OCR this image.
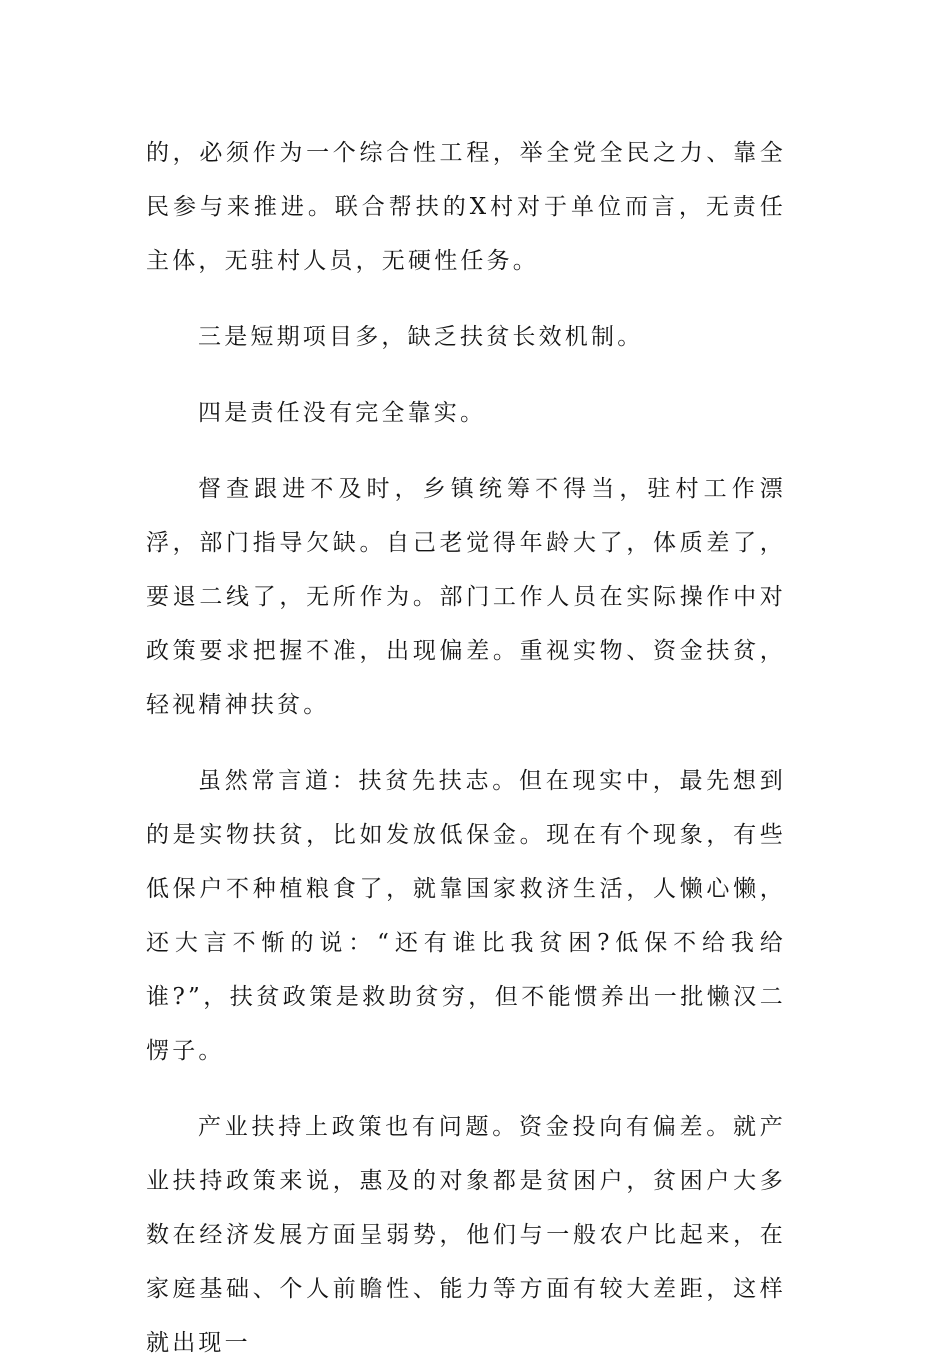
的，必须作为一个综合性工程，举全党全民之力、靠全民参与来推进。联合帮扶的X村对于单位而言，无责任主体，无驻村人员，无硬性任务。

三是短期项目多，缺乏扶贫长效机制。

四是责任没有完全靠实。

督查跟进不及时，乡镇统筹不得当，驻村工作漂浮，部门指导欠缺。自己老觉得年龄大了，体质差了，要退二线了，无所作为。部门工作人员在实际操作中对政策要求把握不准，出现偏差。重视实物、资金扶贫，轻视精神扶贫。

虽然常言道：扶贫先扶志。但在现实中，最先想到的是实物扶贫，比如发放低保金。现在有个现象，有些低保户不种植粮食了，就靠国家救济生活，人懒心懒，还大言不惭的说：“还有谁比我贫困?低保不给我给谁?”，扶贫政策是救助贫穷，但不能惯养出一批懒汉二愣子。

产业扶持上政策也有问题。资金投向有偏差。就产业扶持政策来说，惠及的对象都是贫困户，贫困户大多数在经济发展方面呈弱势，他们与一般农户比起来，在家庭基础、个人前瞻性、能力等方面有较大差距，这样就出现一
